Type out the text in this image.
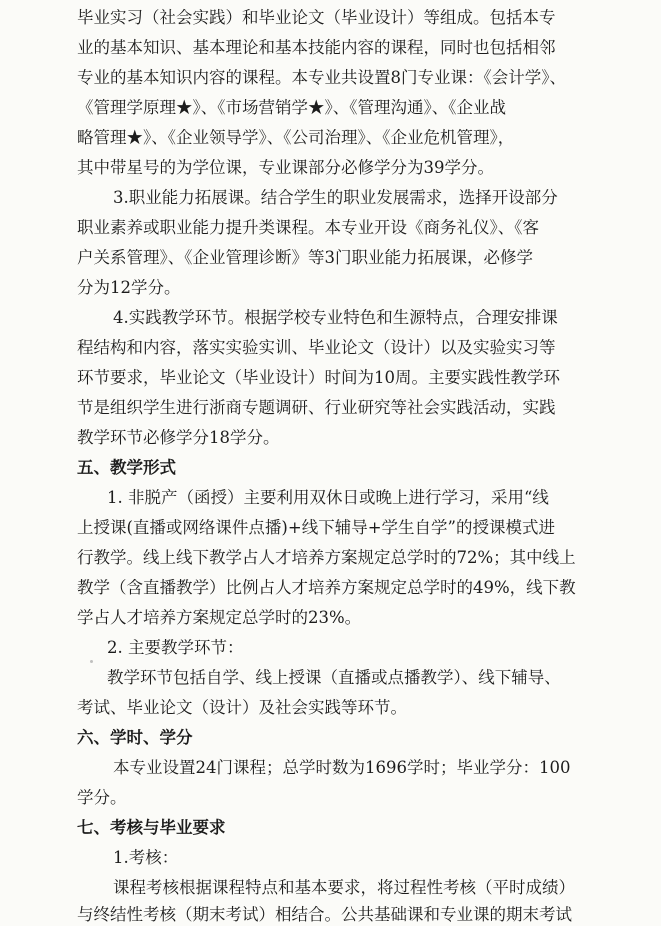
毕业实习（社会实践）和毕业论文（毕业设计）等组成。包括本专
业的基本知识、基本理论和基本技能内容的课程，同时也包括相邻
专业的基本知识内容的课程。本专业共设置8门专业课：《会计学》、
《管理学原理★》、《市场营销学★》、《管理沟通》、《企业战
略管理★》、《企业领导学》、《公司治理》、《企业危机管理》，
其中带星号的为学位课，专业课部分必修学分为39学分。
3.职业能力拓展课。结合学生的职业发展需求，选择开设部分
职业素养或职业能力提升类课程。本专业开设《商务礼仪》、《客
户关系管理》、《企业管理诊断》等3门职业能力拓展课，必修学
分为12学分。
4.实践教学环节。根据学校专业特色和生源特点，合理安排课
程结构和内容，落实实验实训、毕业论文（设计）以及实验实习等
环节要求，毕业论文（毕业设计）时间为10周。主要实践性教学环
节是组织学生进行浙商专题调研、行业研究等社会实践活动，实践
教学环节必修学分18学分。
五、教学形式
1. 非脱产（函授）主要利用双休日或晚上进行学习，采用“线
上授课(直播或网络课件点播)+线下辅导+学生自学”的授课模式进
行教学。线上线下教学占人才培养方案规定总学时的72%；其中线上
教学（含直播教学）比例占人才培养方案规定总学时的49%，线下教
学占人才培养方案规定总学时的23%。
2. 主要教学环节：
教学环节包括自学、线上授课（直播或点播教学）、线下辅导、
考试、毕业论文（设计）及社会实践等环节。
六、学时、学分
本专业设置24门课程；总学时数为1696学时；毕业学分：100
学分。
七、考核与毕业要求
1.考核：
课程考核根据课程特点和基本要求，将过程性考核（平时成绩）
与终结性考核（期末考试）相结合。公共基础课和专业课的期末考试
